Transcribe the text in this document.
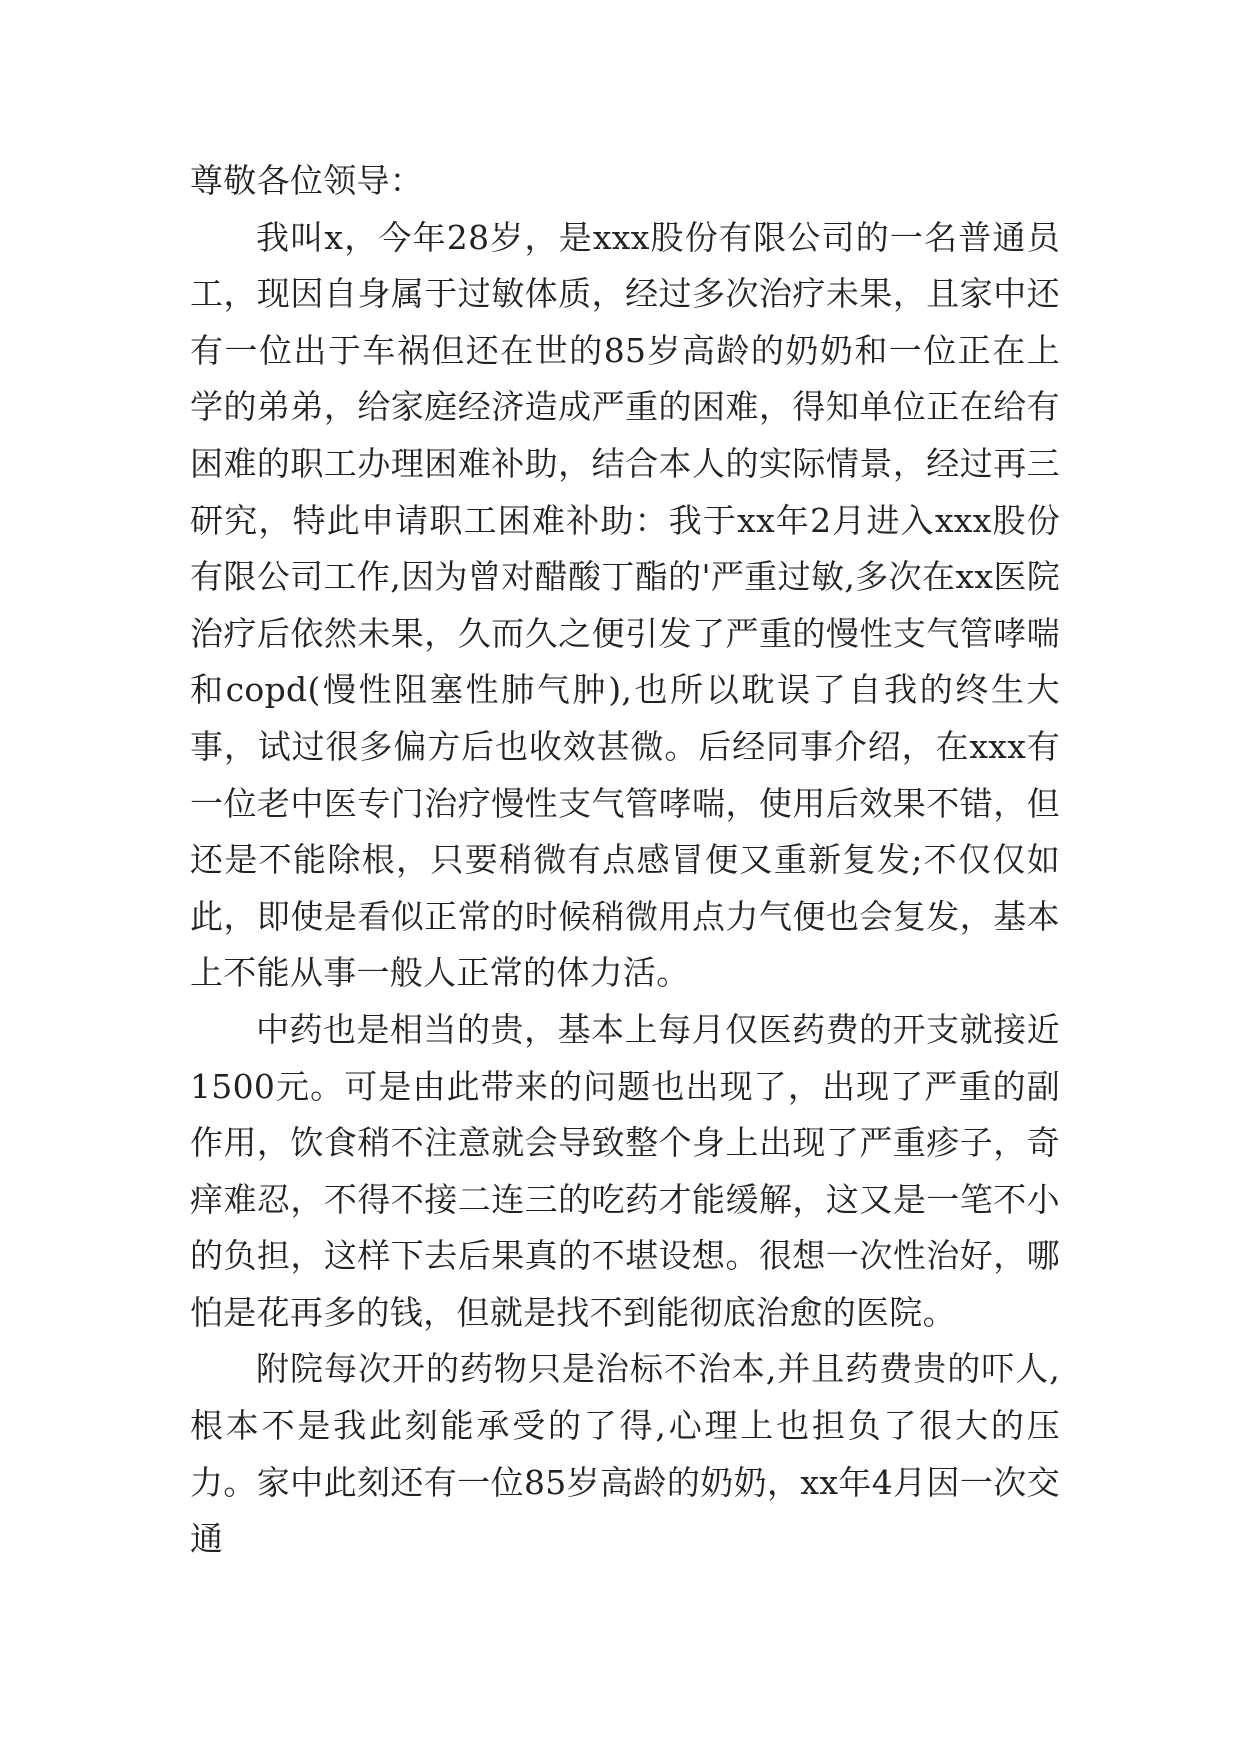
尊敬各位领导：

我叫x，今年28岁，是xxx股份有限公司的一名普通员工，现因自身属于过敏体质，经过多次治疗未果，且家中还有一位出于车祸但还在世的85岁高龄的奶奶和一位正在上学的弟弟，给家庭经济造成严重的困难，得知单位正在给有困难的职工办理困难补助，结合本人的实际情景，经过再三研究，特此申请职工困难补助：我于xx年2月进入xxx股份有限公司工作,因为曾对醋酸丁酯的'严重过敏,多次在xx医院治疗后依然未果，久而久之便引发了严重的慢性支气管哮喘和copd(慢性阻塞性肺气肿),也所以耽误了自我的终生大事，试过很多偏方后也收效甚微。后经同事介绍，在xxx有一位老中医专门治疗慢性支气管哮喘，使用后效果不错，但还是不能除根，只要稍微有点感冒便又重新复发;不仅仅如此，即使是看似正常的时候稍微用点力气便也会复发，基本上不能从事一般人正常的体力活。

中药也是相当的贵，基本上每月仅医药费的开支就接近1500元。可是由此带来的问题也出现了，出现了严重的副作用，饮食稍不注意就会导致整个身上出现了严重疹子，奇痒难忍，不得不接二连三的吃药才能缓解，这又是一笔不小的负担，这样下去后果真的不堪设想。很想一次性治好，哪怕是花再多的钱，但就是找不到能彻底治愈的医院。

附院每次开的药物只是治标不治本,并且药费贵的吓人,根本不是我此刻能承受的了得,心理上也担负了很大的压力。家中此刻还有一位85岁高龄的奶奶，xx年4月因一次交通
